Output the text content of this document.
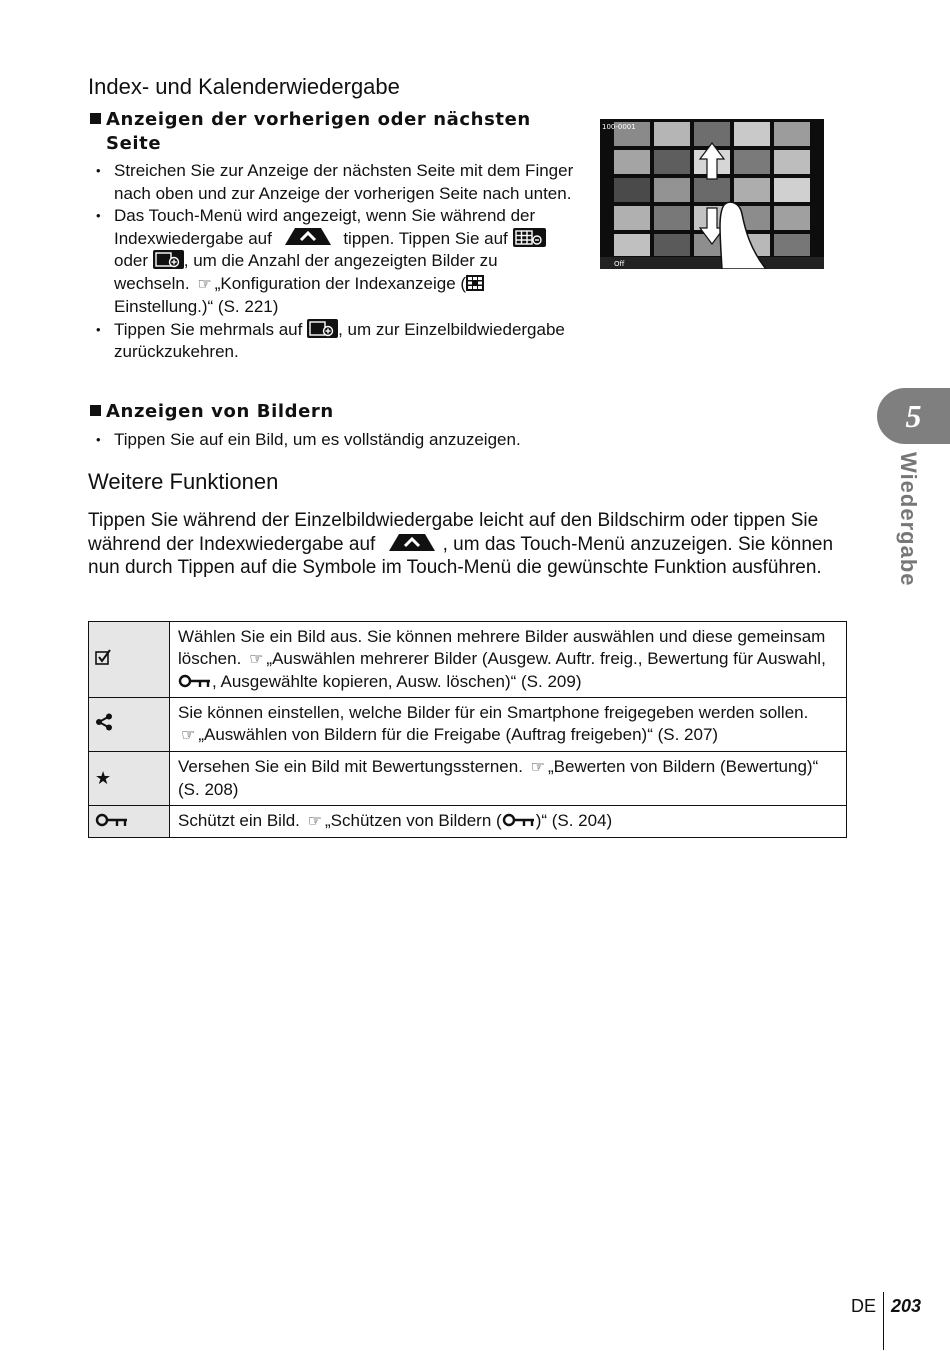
Index- und Kalenderwiedergabe
Anzeigen der vorherigen oder nächsten
Seite
• Streichen Sie zur Anzeige der nächsten Seite mit dem Finger nach oben und zur Anzeige der vorherigen Seite nach unten.
• Das Touch-Menü wird angezeigt, wenn Sie während der Indexwiedergabe auf	tippen. Tippen Sie auf  oder , um die Anzahl der angezeigten Bilder zu wechseln. ☞ „Konfiguration der Indexanzeige ( Einstellung.)“ (S. 221)
• Tippen Sie mehrmals auf , um zur Einzelbildwiedergabe zurückzukehren.
Anzeigen von Bildern
• Tippen Sie auf ein Bild, um es vollständig anzuzeigen.
100-0001
Off
Weitere Funktionen

Tippen Sie während der Einzelbildwiedergabe leicht auf den Bildschirm oder tippen Sie während der Indexwiedergabe auf	, um das Touch-Menü anzuzeigen. Sie können nun durch Tippen auf die Symbole im Touch-Menü die gewünschte Funktion ausführen.

	Wählen Sie ein Bild aus. Sie können mehrere Bilder auswählen und diese gemeinsam löschen. ☞ „Auswählen mehrerer Bilder (Ausgew. Auftr. freig., Bewertung für Auswahl, , Ausgewählte kopieren, Ausw. löschen)“ (S. 209)
	Sie können einstellen, welche Bilder für ein Smartphone freigegeben werden sollen.
☞ „Auswählen von Bildern für die Freigabe (Auftrag freigeben)“ (S. 207)
★	Versehen Sie ein Bild mit Bewertungssternen. ☞ „Bewerten von Bildern (Bewertung)“ (S. 208)
	Schützt ein Bild. ☞ „Schützen von Bildern ( )“ (S. 204)
5
Wiedergabe
DE 203
